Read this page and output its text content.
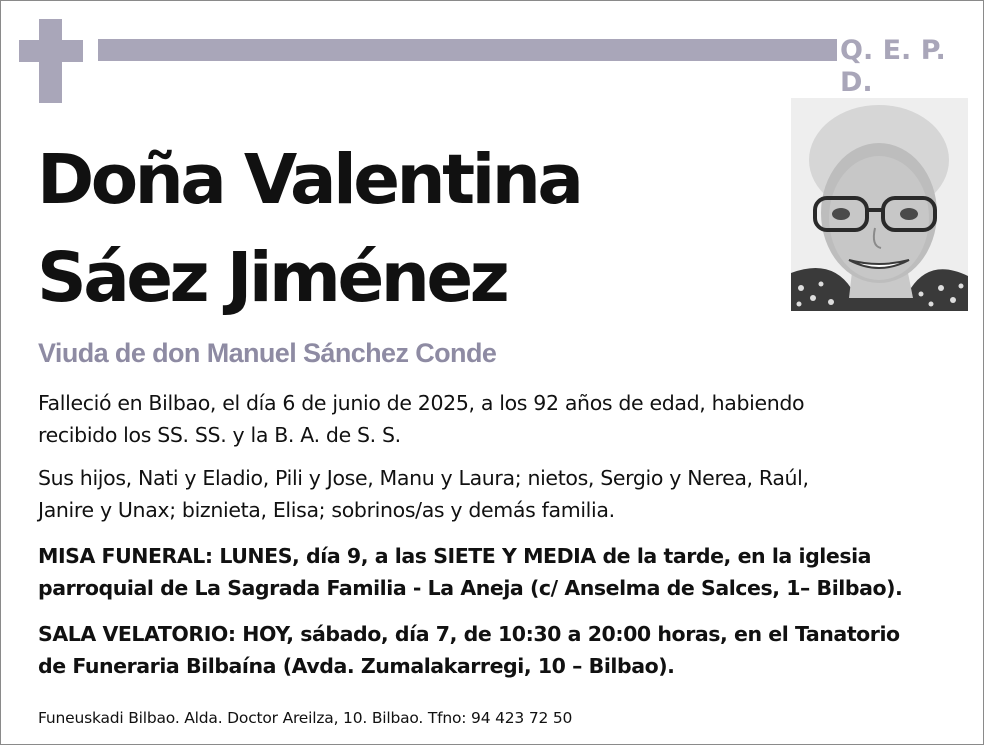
Q. E. P. D.
Doña Valentina
Sáez Jiménez
Viuda de don Manuel Sánchez Conde
Falleció en Bilbao, el día 6 de junio de 2025, a los 92 años de edad, habiendo
recibido los SS. SS. y la B. A. de S. S.
Sus hijos, Nati y Eladio, Pili y Jose, Manu y Laura; nietos, Sergio y Nerea, Raúl,
Janire y Unax; biznieta, Elisa; sobrinos/as y demás familia.
MISA FUNERAL: LUNES, día 9, a las SIETE Y MEDIA de la tarde, en la iglesia
parroquial de La Sagrada Familia - La Aneja (c/ Anselma de Salces, 1– Bilbao).
SALA VELATORIO: HOY, sábado, día 7, de 10:30 a 20:00 horas, en el Tanatorio
de Funeraria Bilbaína (Avda. Zumalakarregi, 10 – Bilbao).
Funeuskadi Bilbao. Alda. Doctor Areilza, 10. Bilbao. Tfno: 94 423 72 50
